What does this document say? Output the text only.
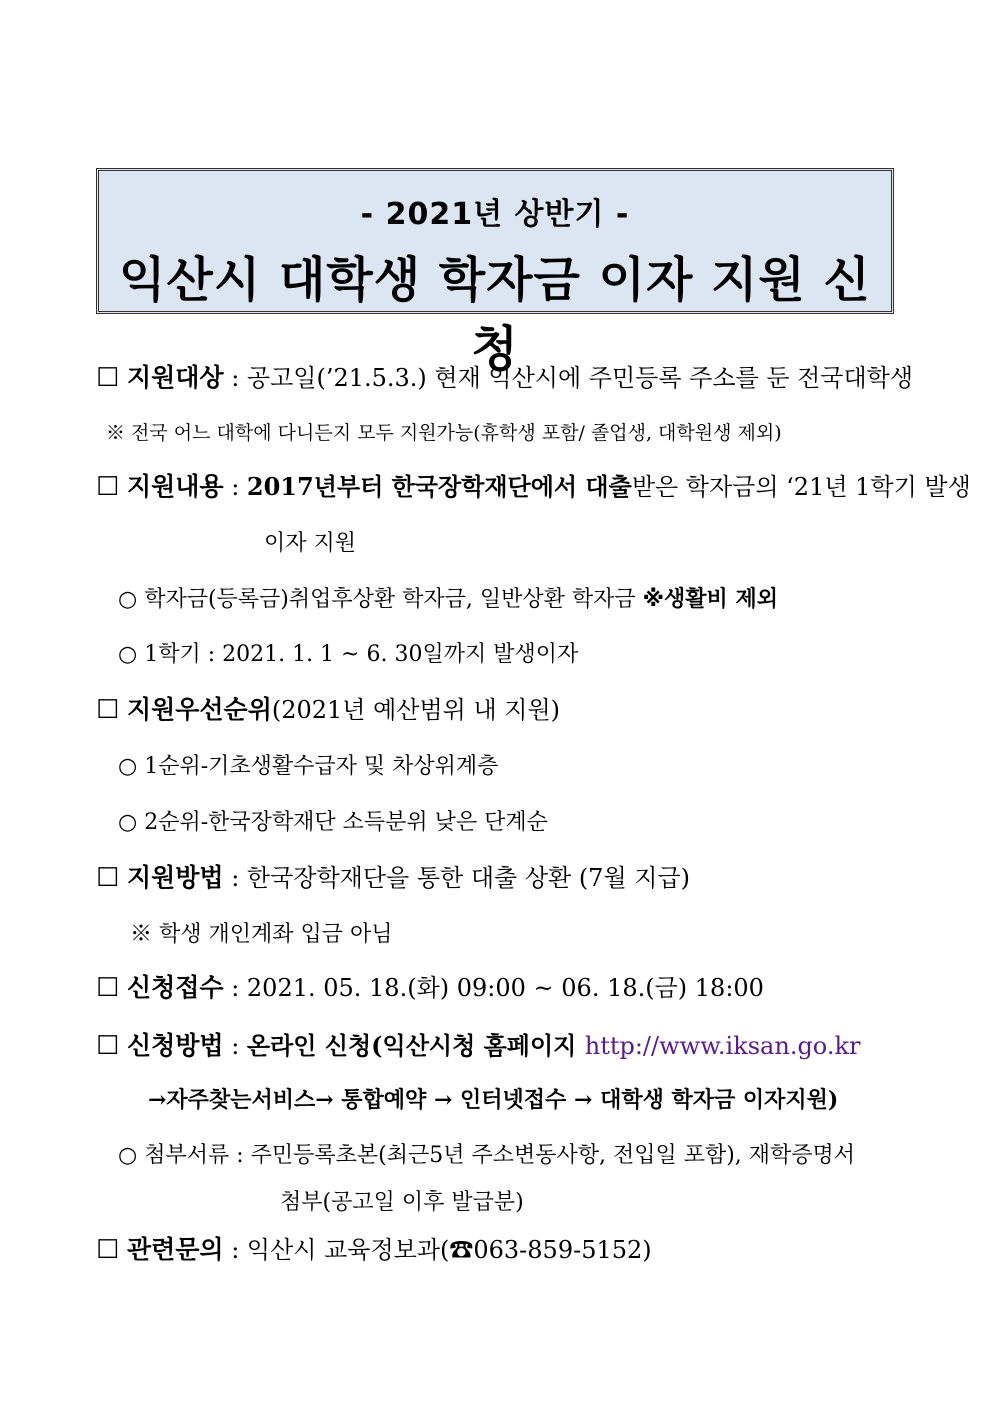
- 2021년 상반기 -
익산시 대학생 학자금 이자 지원 신청
☐ 지원대상 : 공고일(’21.5.3.) 현재 익산시에 주민등록 주소를 둔 전국대학생
※ 전국 어느 대학에 다니든지 모두 지원가능(휴학생 포함/ 졸업생, 대학원생 제외)
☐ 지원내용 : 2017년부터 한국장학재단에서 대출받은 학자금의 ‘21년 1학기 발생
이자 지원
○ 학자금(등록금)취업후상환 학자금, 일반상환 학자금 ※생활비 제외
○ 1학기 : 2021. 1. 1 ~ 6. 30일까지 발생이자
☐ 지원우선순위(2021년 예산범위 내 지원)
○ 1순위-기초생활수급자 및 차상위계층
○ 2순위-한국장학재단 소득분위 낮은 단계순
☐ 지원방법 : 한국장학재단을 통한 대출 상환 (7월 지급)
※ 학생 개인계좌 입금 아님
☐ 신청접수 : 2021. 05. 18.(화) 09:00 ~ 06. 18.(금) 18:00
☐ 신청방법 : 온라인 신청(익산시청 홈페이지 http://www.iksan.go.kr
→자주찾는서비스→ 통합예약 → 인터넷접수 → 대학생 학자금 이자지원)
○ 첨부서류 : 주민등록초본(최근5년 주소변동사항, 전입일 포함), 재학증명서
첨부(공고일 이후 발급분)
☐ 관련문의 : 익산시 교육정보과(☎063-859-5152)
